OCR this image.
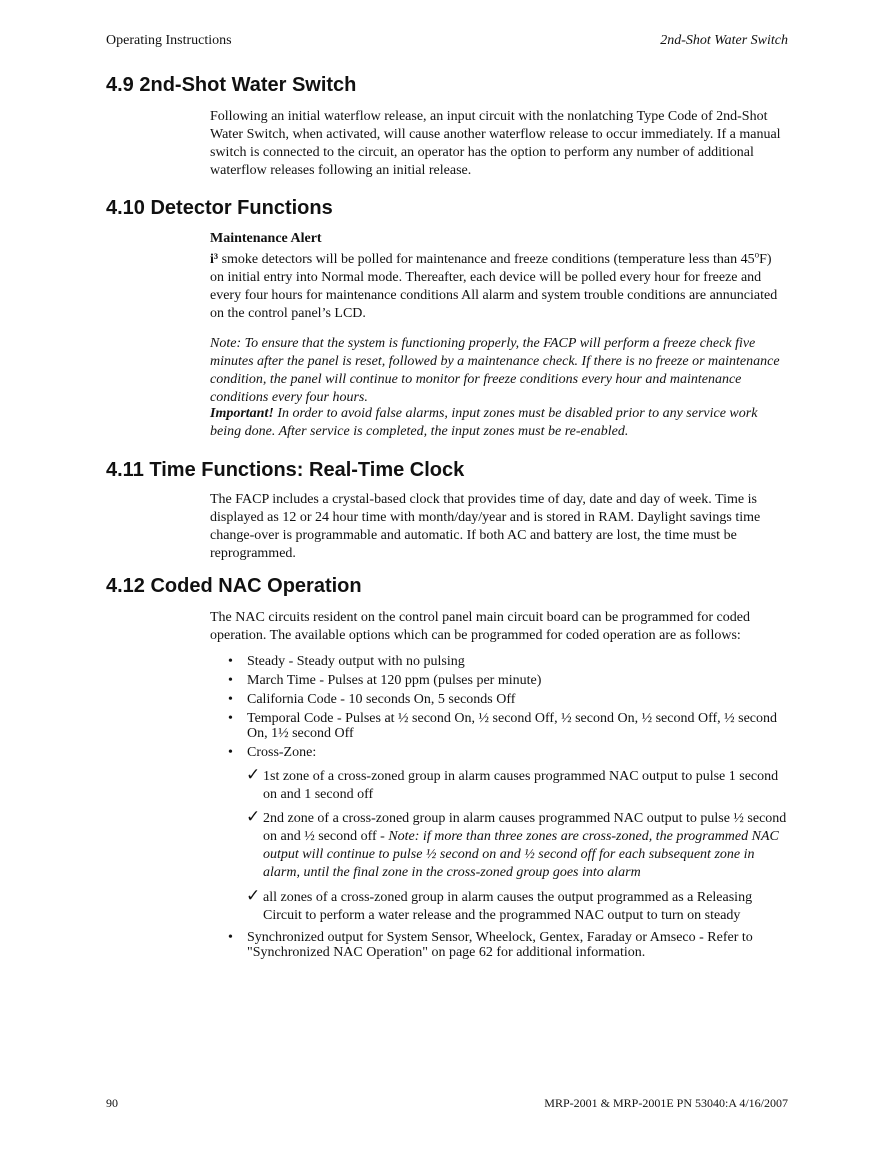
Operating Instructions	2nd-Shot Water Switch
4.9 2nd-Shot Water Switch

Following an initial waterflow release, an input circuit with the nonlatching Type Code of 2nd-Shot Water Switch, when activated, will cause another waterflow release to occur immediately. If a manual switch is connected to the circuit, an operator has the option to perform any number of additional waterflow releases following an initial release.

4.10 Detector Functions
Maintenance Alert

i³ smoke detectors will be polled for maintenance and freeze conditions (temperature less than 45$^o$F) on initial entry into Normal mode. Thereafter, each device will be polled every hour for freeze and every four hours for maintenance conditions All alarm and system trouble conditions are annunciated on the control panel’s LCD.

Note: To ensure that the system is functioning properly, the FACP will perform a freeze check five minutes after the panel is reset, followed by a maintenance check. If there is no freeze or maintenance condition, the panel will continue to monitor for freeze conditions every hour and maintenance conditions every four hours.

Important! In order to avoid false alarms, input zones must be disabled prior to any service work being done. After service is completed, the input zones must be re-enabled.

4.11 Time Functions: Real-Time Clock

The FACP includes a crystal-based clock that provides time of day, date and day of week. Time is displayed as 12 or 24 hour time with month/day/year and is stored in RAM. Daylight savings time change-over is programmable and automatic. If both AC and battery are lost, the time must be reprogrammed.

4.12 Coded NAC Operation

The NAC circuits resident on the control panel main circuit board can be programmed for coded operation. The available options which can be programmed for coded operation are as follows:

• Steady - Steady output with no pulsing
• March Time - Pulses at 120 ppm (pulses per minute)
• California Code - 10 seconds On, 5 seconds Off
• Temporal Code - Pulses at ½ second On, ½ second Off, ½ second On, ½ second Off, ½ second On, 1½ second Off
• Cross-Zone:
✓ 1st zone of a cross-zoned group in alarm causes programmed NAC output to pulse 1 second on and 1 second off
✓ 2nd zone of a cross-zoned group in alarm causes programmed NAC output to pulse ½ second on and ½ second off - Note: if more than three zones are cross-zoned, the programmed NAC output will continue to pulse ½ second on and ½ second off for each subsequent zone in alarm, until the final zone in the cross-zoned group goes into alarm
✓ all zones of a cross-zoned group in alarm causes the output programmed as a Releasing Circuit to perform a water release and the programmed NAC output to turn on steady
• Synchronized output for System Sensor, Wheelock, Gentex, Faraday or Amseco - Refer to "Synchronized NAC Operation" on page 62 for additional information.
90	MRP-2001 & MRP-2001E PN 53040:A 4/16/2007
